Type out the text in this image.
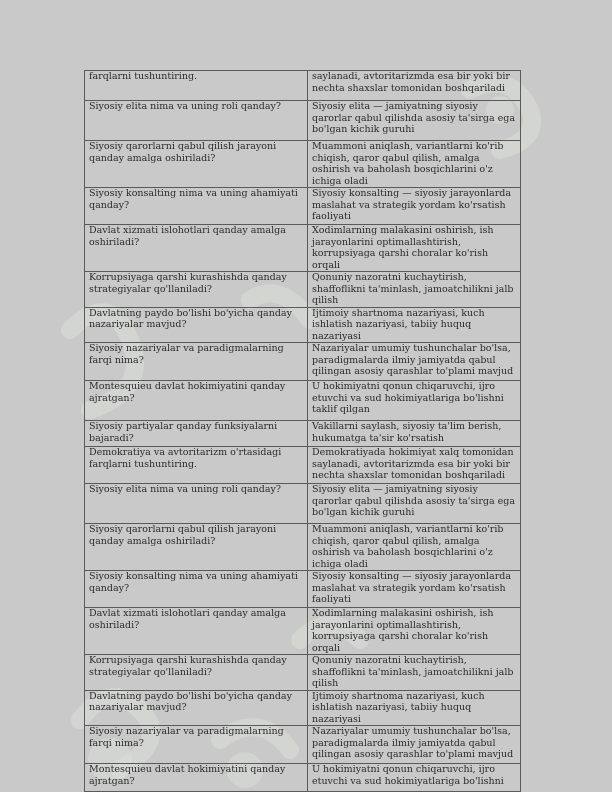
farqlarni tushuntiring.	saylanadi, avtoritarizmda esa bir yoki bir nechta shaxslar tomonidan boshqariladi
Siyosiy elita nima va uning roli qanday?	Siyosiy elita — jamiyatning siyosiy qarorlar qabul qilishda asosiy ta'sirga ega bo'lgan kichik guruhi
Siyosiy qarorlarni qabul qilish jarayoni qanday amalga oshiriladi?	Muammoni aniqlash, variantlarni ko'rib chiqish, qaror qabul qilish, amalga oshirish va baholash bosqichlarini o'z ichiga oladi
Siyosiy konsalting nima va uning ahamiyati qanday?	Siyosiy konsalting — siyosiy jarayonlarda maslahat va strategik yordam ko'rsatish faoliyati
Davlat xizmati islohotlari qanday amalga oshiriladi?	Xodimlarning malakasini oshirish, ish jarayonlarini optimallashtirish, korrupsiyaga qarshi choralar ko'rish orqali
Korrupsiyaga qarshi kurashishda qanday strategiyalar qo'llaniladi?	Qonuniy nazoratni kuchaytirish, shaffoflikni ta'minlash, jamoatchilikni jalb qilish
Davlatning paydo bo'lishi bo'yicha qanday nazariyalar mavjud?	Ijtimoiy shartnoma nazariyasi, kuch ishlatish nazariyasi, tabiiy huquq nazariyasi
Siyosiy nazariyalar va paradigmalarning farqi nima?	Nazariyalar umumiy tushunchalar bo'lsa, paradigmalarda ilmiy jamiyatda qabul qilingan asosiy qarashlar to'plami mavjud
Montesquieu davlat hokimiyatini qanday ajratgan?	U hokimiyatni qonun chiqaruvchi, ijro etuvchi va sud hokimiyatlariga bo'lishni taklif qilgan
Siyosiy partiyalar qanday funksiyalarni bajaradi?	Vakillarni saylash, siyosiy ta'lim berish, hukumatga ta'sir ko'rsatish
Demokratiya va avtoritarizm o'rtasidagi farqlarni tushuntiring.	Demokratiyada hokimiyat xalq tomonidan saylanadi, avtoritarizmda esa bir yoki bir nechta shaxslar tomonidan boshqariladi
Siyosiy elita nima va uning roli qanday?	Siyosiy elita — jamiyatning siyosiy qarorlar qabul qilishda asosiy ta'sirga ega bo'lgan kichik guruhi
Siyosiy qarorlarni qabul qilish jarayoni qanday amalga oshiriladi?	Muammoni aniqlash, variantlarni ko'rib chiqish, qaror qabul qilish, amalga oshirish va baholash bosqichlarini o'z ichiga oladi
Siyosiy konsalting nima va uning ahamiyati qanday?	Siyosiy konsalting — siyosiy jarayonlarda maslahat va strategik yordam ko'rsatish faoliyati
Davlat xizmati islohotlari qanday amalga oshiriladi?	Xodimlarning malakasini oshirish, ish jarayonlarini optimallashtirish, korrupsiyaga qarshi choralar ko'rish orqali
Korrupsiyaga qarshi kurashishda qanday strategiyalar qo'llaniladi?	Qonuniy nazoratni kuchaytirish, shaffoflikni ta'minlash, jamoatchilikni jalb qilish
Davlatning paydo bo'lishi bo'yicha qanday nazariyalar mavjud?	Ijtimoiy shartnoma nazariyasi, kuch ishlatish nazariyasi, tabiiy huquq nazariyasi
Siyosiy nazariyalar va paradigmalarning farqi nima?	Nazariyalar umumiy tushunchalar bo'lsa, paradigmalarda ilmiy jamiyatda qabul qilingan asosiy qarashlar to'plami mavjud
Montesquieu davlat hokimiyatini qanday ajratgan?	U hokimiyatni qonun chiqaruvchi, ijro etuvchi va sud hokimiyatlariga bo'lishni
